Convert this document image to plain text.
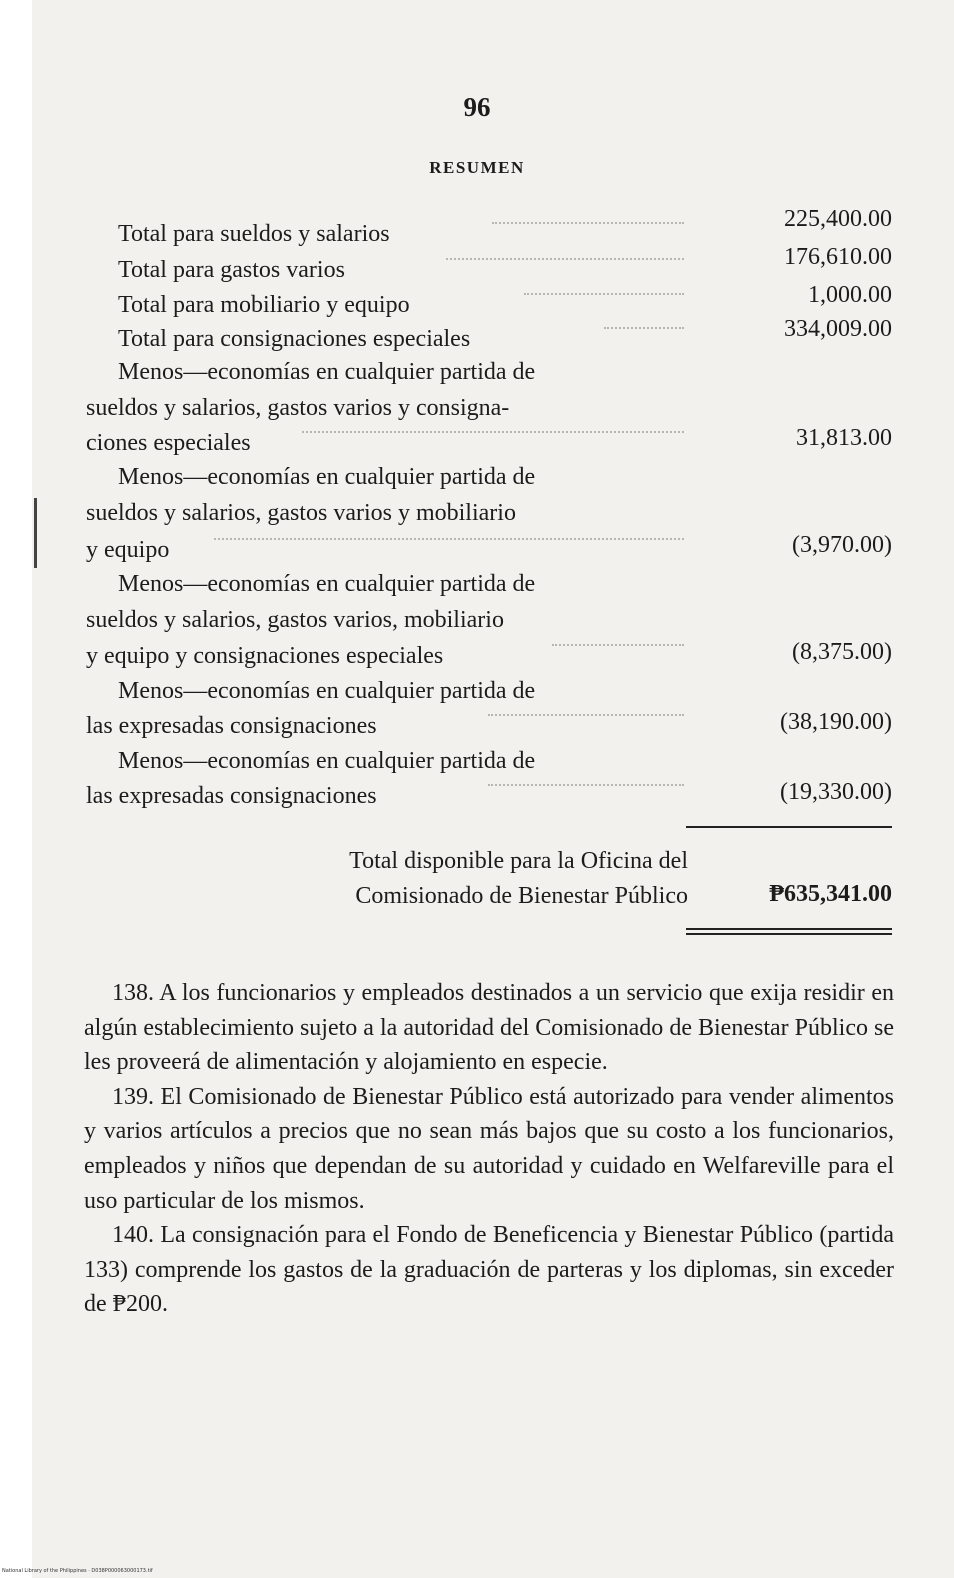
96
RESUMEN
Total para sueldos y salarios
225,400.00
Total para gastos varios	176,610.00
Total para mobiliario y equipo	1,000.00
Total para consignaciones especiales	334,009.00
Menos—economías en cualquier partida de
sueldos y salarios, gastos varios y consigna-
ciones especiales	31,813.00
Menos—economías en cualquier partida de
sueldos y salarios, gastos varios y mobiliario
y equipo	(3,970.00)
Menos—economías en cualquier partida de
sueldos y salarios, gastos varios, mobiliario
y equipo y consignaciones especiales	(8,375.00)
Menos—economías en cualquier partida de
las expresadas consignaciones	(38,190.00)
Menos—economías en cualquier partida de
las expresadas consignaciones	(19,330.00)
Total disponible para la Oficina del
Comisionado de Bienestar Público	₱635,341.00

138. A los funcionarios y empleados destinados a un servicio que exija residir en algún establecimiento sujeto a la autoridad del Comisionado de Bienestar Público se les proveerá de alimentación y alojamiento en especie.

139. El Comisionado de Bienestar Público está autorizado para vender alimentos y varios artículos a precios que no sean más bajos que su costo a los funcionarios, empleados y niños que dependan de su autoridad y cuidado en Welfareville para el uso particular de los mismos.

140. La consignación para el Fondo de Beneficencia y Bienestar Público (partida 133) comprende los gastos de la graduación de parteras y los diplomas, sin exceder de ₱200.

National Library of the Philippines · D038P000063000173.tif
